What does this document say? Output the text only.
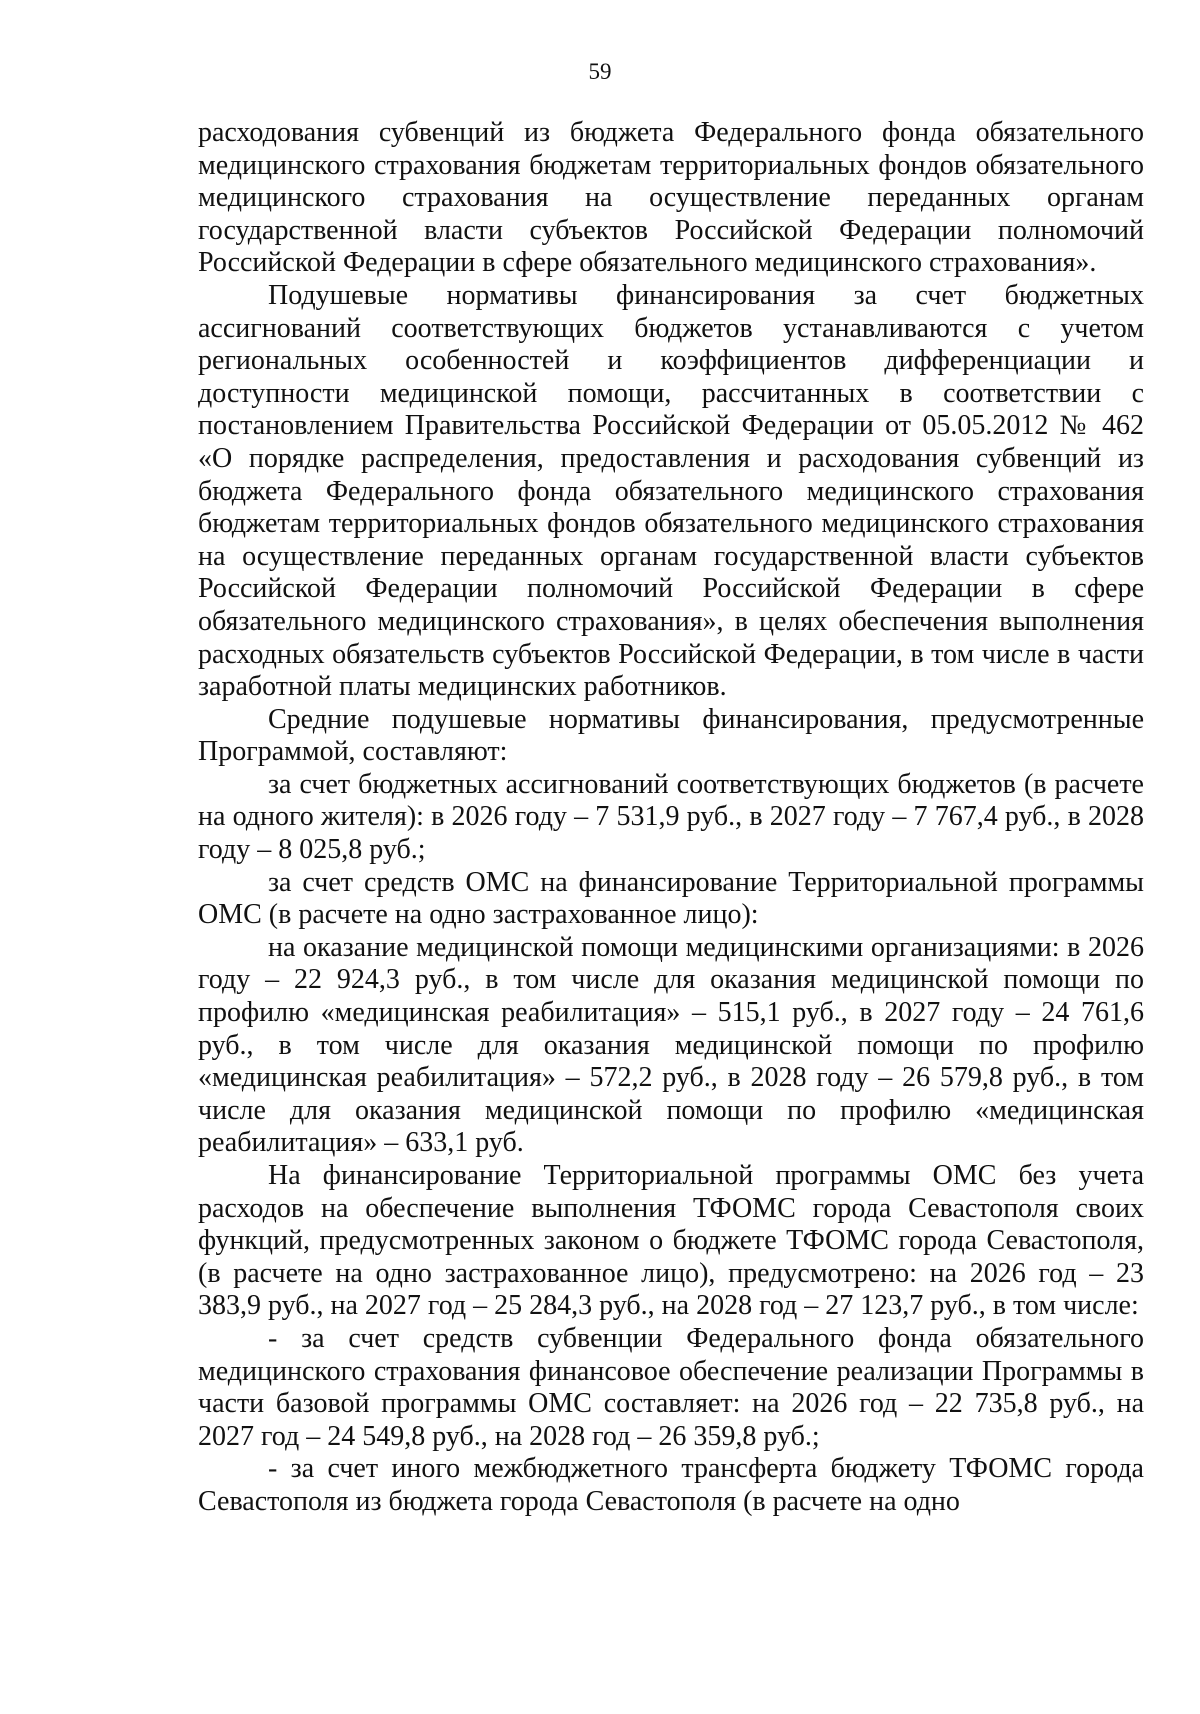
59

расходования субвенций из бюджета Федерального фонда обязательного медицинского страхования бюджетам территориальных фондов обязательного медицинского страхования на осуществление переданных органам государственной власти субъектов Российской Федерации полномочий Российской Федерации в сфере обязательного медицинского страхования».

Подушевые нормативы финансирования за счет бюджетных ассигнований соответствующих бюджетов устанавливаются с учетом региональных особенностей и коэффициентов дифференциации и доступности медицинской помощи, рассчитанных в соответствии с постановлением Правительства Российской Федерации от 05.05.2012 № 462 «О порядке распределения, предоставления и расходования субвенций из бюджета Федерального фонда обязательного медицинского страхования бюджетам территориальных фондов обязательного медицинского страхования на осуществление переданных органам государственной власти субъектов Российской Федерации полномочий Российской Федерации в сфере обязательного медицинского страхования», в целях обеспечения выполнения расходных обязательств субъектов Российской Федерации, в том числе в части заработной платы медицинских работников.

Средние подушевые нормативы финансирования, предусмотренные Программой, составляют:

за счет бюджетных ассигнований соответствующих бюджетов (в расчете на одного жителя): в 2026 году – 7 531,9 руб., в 2027 году – 7 767,4 руб., в 2028 году – 8 025,8 руб.;

за счет средств ОМС на финансирование Территориальной программы ОМС (в расчете на одно застрахованное лицо):

на оказание медицинской помощи медицинскими организациями: в 2026 году – 22 924,3 руб., в том числе для оказания медицинской помощи по профилю «медицинская реабилитация» – 515,1 руб., в 2027 году – 24 761,6 руб., в том числе для оказания медицинской помощи по профилю «медицинская реабилитация» – 572,2 руб., в 2028 году – 26 579,8 руб., в том числе для оказания медицинской помощи по профилю «медицинская реабилитация» – 633,1 руб.

На финансирование Территориальной программы ОМС без учета расходов на обеспечение выполнения ТФОМС города Севастополя своих функций, предусмотренных законом о бюджете ТФОМС города Севастополя, (в расчете на одно застрахованное лицо), предусмотрено: на 2026 год – 23 383,9 руб., на 2027 год – 25 284,3 руб., на 2028 год – 27 123,7 руб., в том числе:

- за счет средств субвенции Федерального фонда обязательного медицинского страхования финансовое обеспечение реализации Программы в части базовой программы ОМС составляет: на 2026 год – 22 735,8 руб., на 2027 год – 24 549,8 руб., на 2028 год – 26 359,8 руб.;

- за счет иного межбюджетного трансферта бюджету ТФОМС города Севастополя из бюджета города Севастополя (в расчете на одно
